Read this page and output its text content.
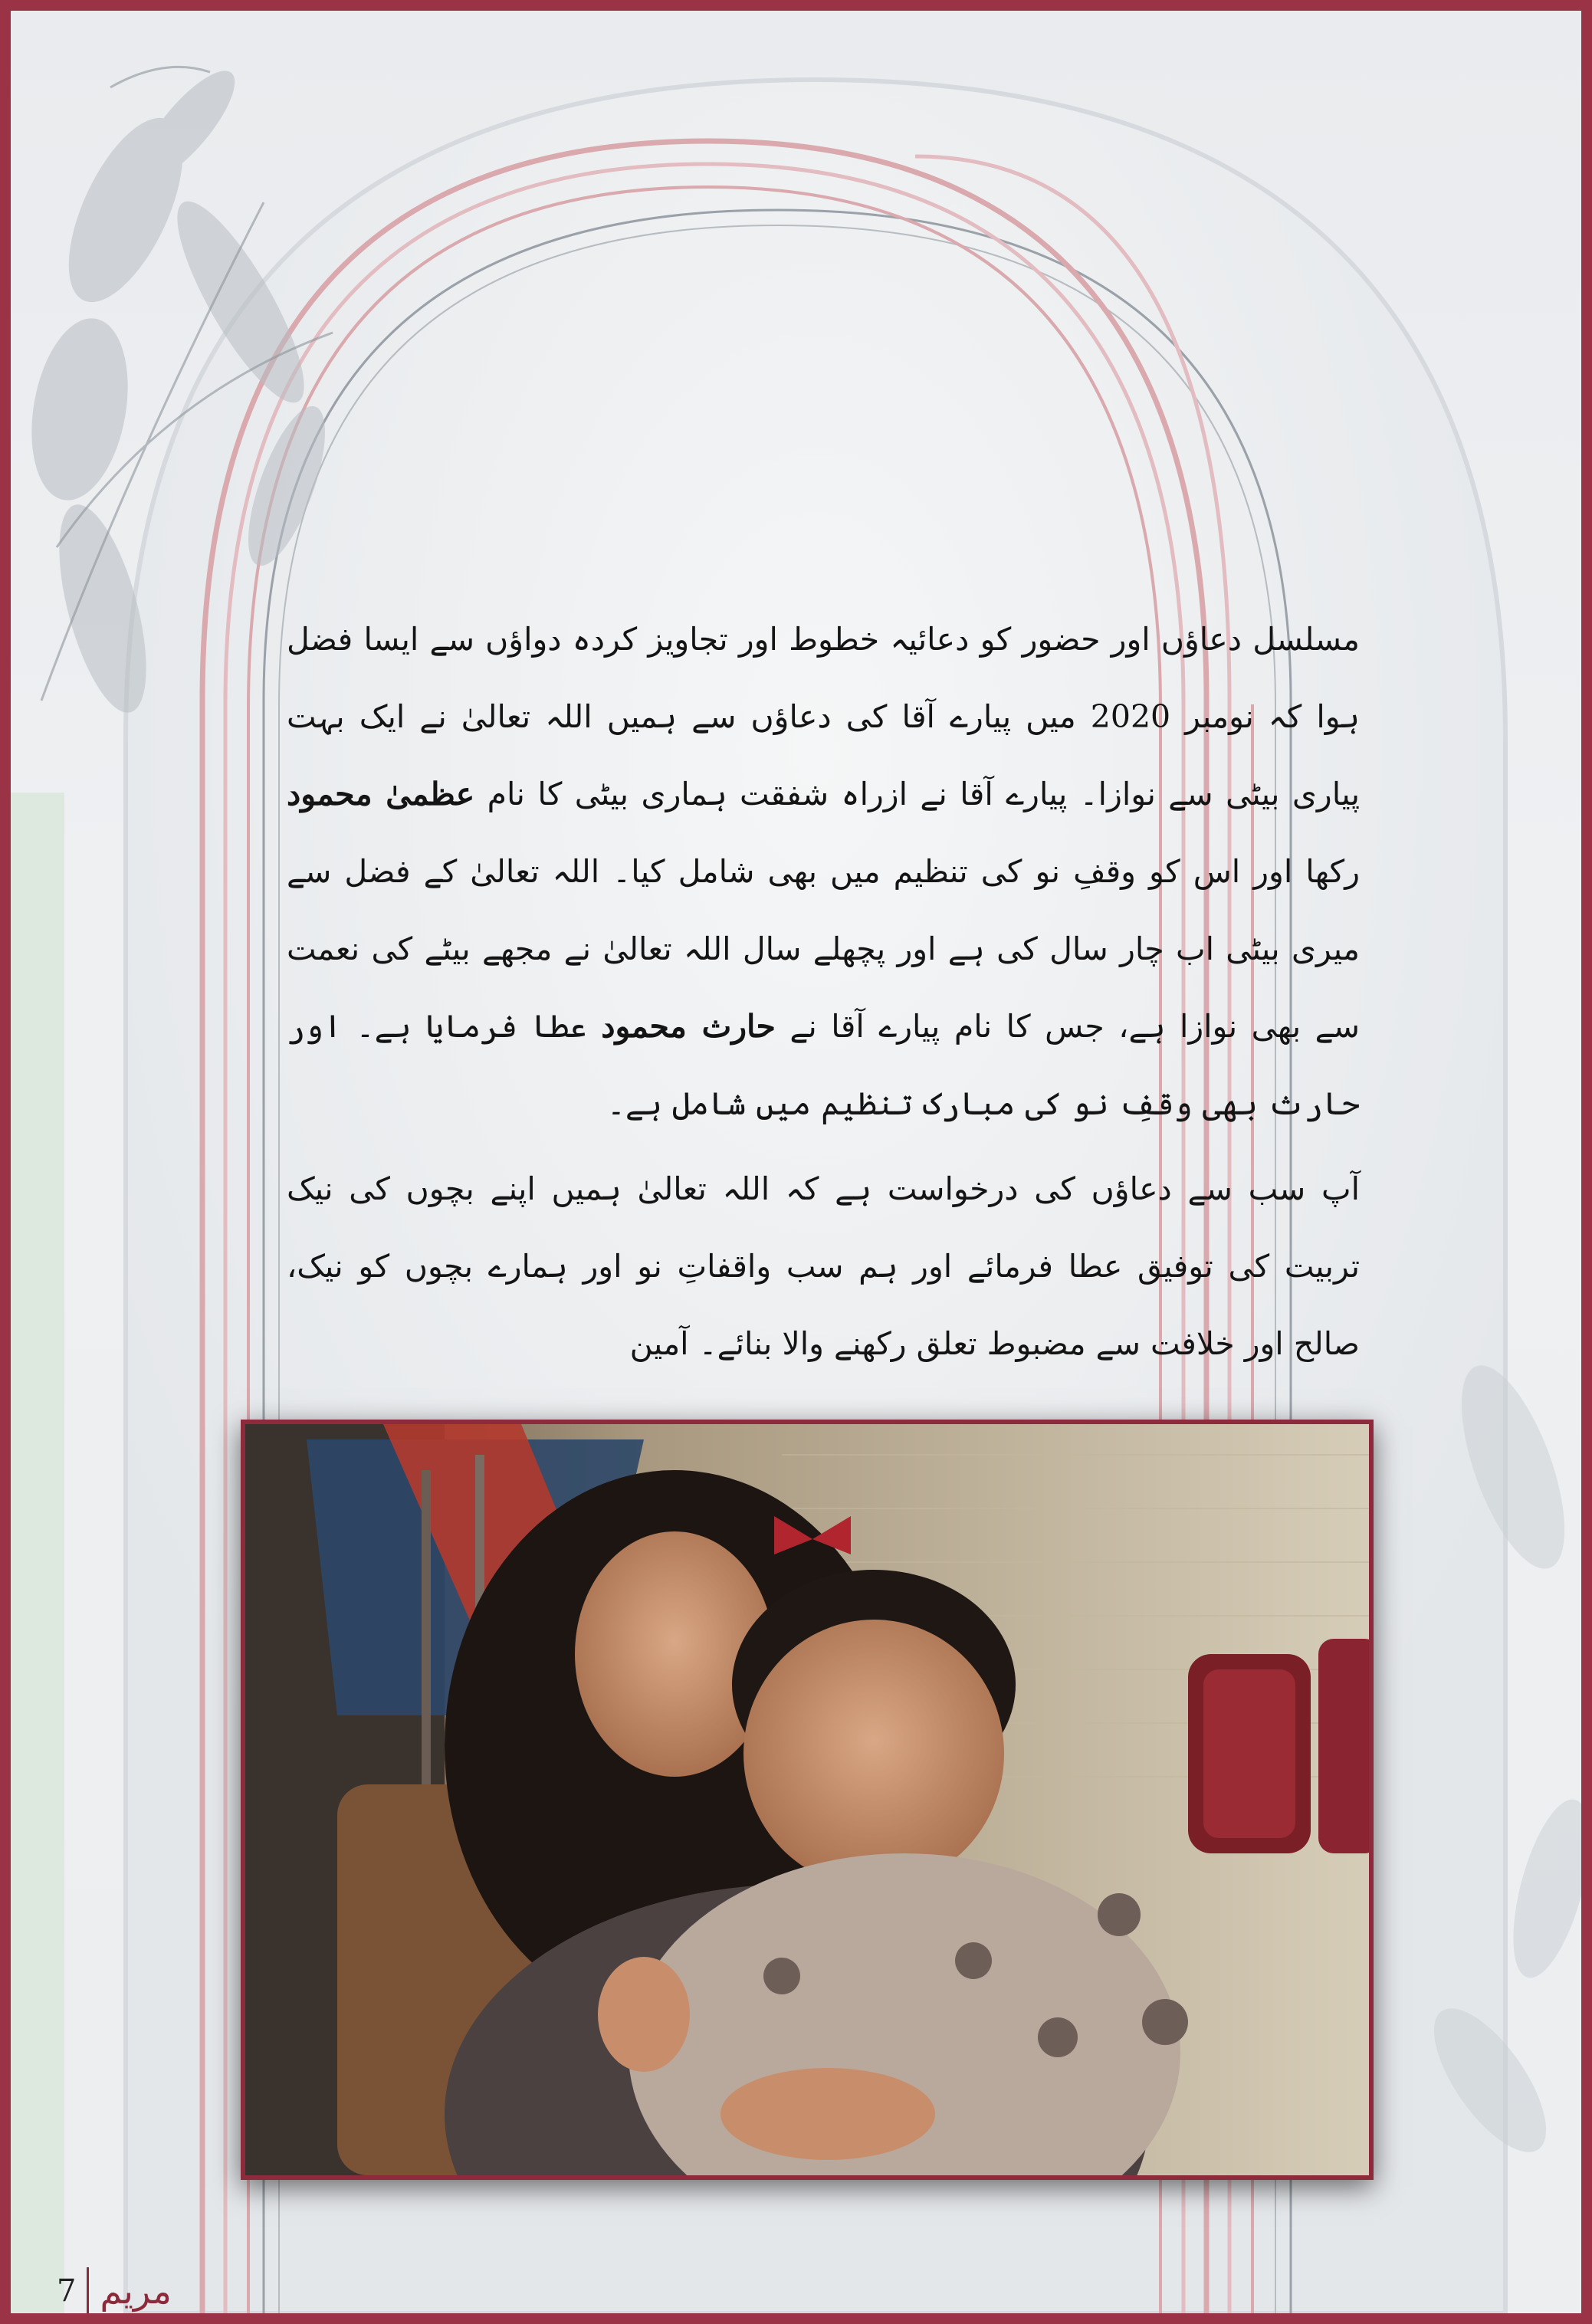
مسلسل دعاؤں اور حضور کو دعائیہ خطوط اور تجاویز کردہ دواؤں سے ایسا فضل ہوا کہ نومبر 2020 میں پیارے آقا کی دعاؤں سے ہمیں اللہ تعالیٰ نے ایک بہت پیاری بیٹی سے نوازا۔ پیارے آقا نے ازراہ شفقت ہماری بیٹی کا نام عظمیٰ محمود رکھا اور اس کو وقفِ نو کی تنظیم میں بھی شامل کیا۔ اللہ تعالیٰ کے فضل سے میری بیٹی اب چار سال کی ہے اور پچھلے سال اللہ تعالیٰ نے مجھے بیٹے کی نعمت سے بھی نوازا ہے، جس کا نام پیارے آقا نے حارث محمود عطا فرمایا ہے۔ اور حارث بھی وقفِ نو کی مبارک تنظیم میں شامل ہے۔

آپ سب سے دعاؤں کی درخواست ہے کہ اللہ تعالیٰ ہمیں اپنے بچوں کی نیک تربیت کی توفیق عطا فرمائے اور ہم سب واقفاتِ نو اور ہمارے بچوں کو نیک، صالح اور خلافت سے مضبوط تعلق رکھنے والا بنائے۔ آمین

7 مریم
